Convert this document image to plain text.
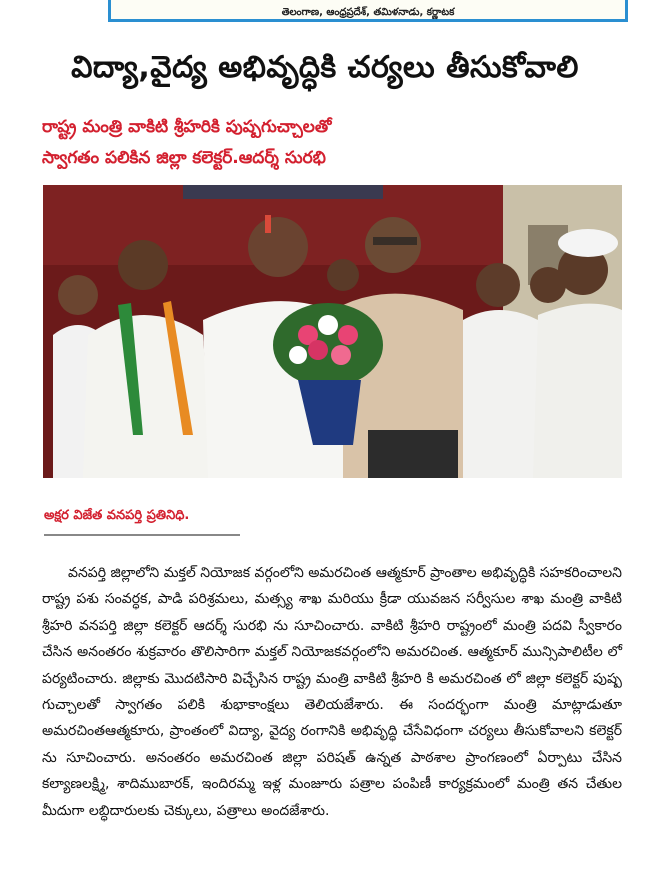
తెలంగాణ, ఆంధ్రప్రదేశ్, తమిళనాడు, కర్ణాటక
విద్యా,వైద్య అభివృద్ధికి చర్యలు తీసుకోవాలి
రాష్ట్ర మంత్రి వాకిటి శ్రీహరికి పుష్పగుచ్చాలతో
స్వాగతం పలికిన జిల్లా కలెక్టర్.ఆదర్శ్ సురభి
అక్షర విజేత వనపర్తి ప్రతినిధి.

వనపర్తి జిల్లాలోని మక్తల్ నియోజక వర్గంలోని అమరచింత ఆత్మకూర్ ప్రాంతాల అభివృద్ధికి సహకరించాలని రాష్ట్ర పశు సంవర్ధక, పాడి పరిశ్రమలు, మత్స్య శాఖ మరియు క్రీడా యువజన సర్వీసుల శాఖ మంత్రి వాకిటి శ్రీహరి వనపర్తి జిల్లా కలెక్టర్ ఆదర్శ్ సురభి ను సూచించారు. వాకిటి శ్రీహరి రాష్ట్రంలో మంత్రి పదవి స్వీకారం చేసిన అనంతరం శుక్రవారం తొలిసారిగా మక్తల్ నియోజకవర్గంలోని అమరచింత. ఆత్మకూర్ మున్సిపాలిటీల లో పర్యటించారు. జిల్లాకు మొదటిసారి విచ్చేసిన రాష్ట్ర మంత్రి వాకిటి శ్రీహరి కి అమరచింత లో జిల్లా కలెక్టర్ పుష్ప గుచ్చాలతో స్వాగతం పలికి శుభాకాంక్షలు తెలియజేశారు. ఈ సందర్భంగా మంత్రి మాట్లాడుతూ అమరచింతఆత్మకూరు, ప్రాంతంలో విద్యా, వైద్య రంగానికి అభివృద్ధి చేసేవిధంగా చర్యలు తీసుకోవాలని కలెక్టర్ ను సూచించారు. అనంతరం అమరచింత జిల్లా పరిషత్ ఉన్నత పాఠశాల ప్రాంగణంలో ఏర్పాటు చేసిన కల్యాణలక్ష్మి, శాదిముబారక్, ఇందిరమ్మ ఇళ్ల మంజూరు పత్రాల పంపిణీ కార్యక్రమంలో మంత్రి తన చేతుల మీదుగా లబ్ధిదారులకు చెక్కులు, పత్రాలు అందజేశారు.
